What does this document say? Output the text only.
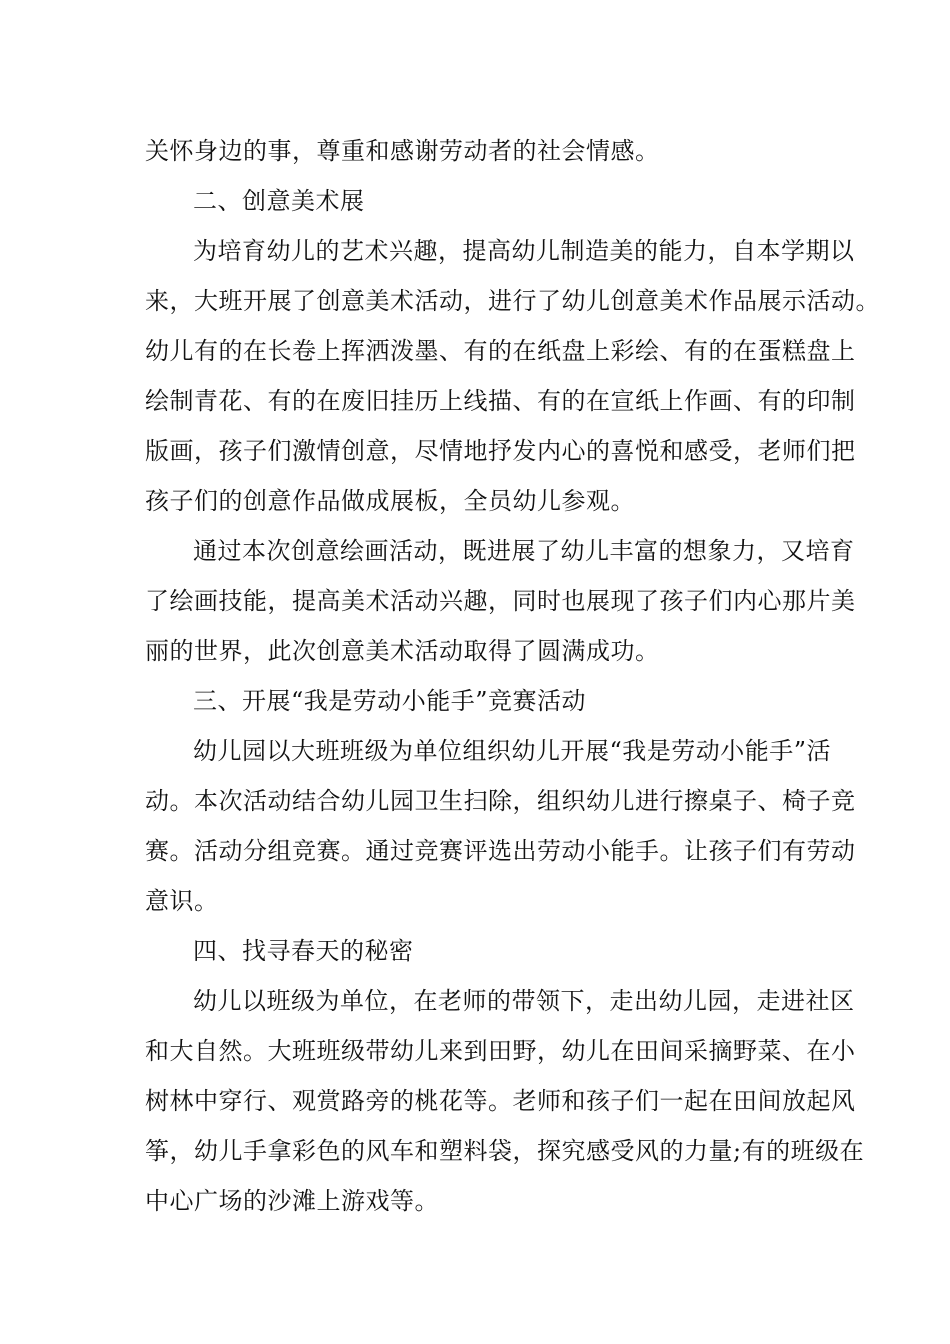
关怀身边的事，尊重和感谢劳动者的社会情感。
二、创意美术展
为培育幼儿的艺术兴趣，提高幼儿制造美的能力，自本学期以
来，大班开展了创意美术活动，进行了幼儿创意美术作品展示活动。
幼儿有的在长卷上挥洒泼墨、有的在纸盘上彩绘、有的在蛋糕盘上
绘制青花、有的在废旧挂历上线描、有的在宣纸上作画、有的印制
版画，孩子们激情创意，尽情地抒发内心的喜悦和感受，老师们把
孩子们的创意作品做成展板，全员幼儿参观。
通过本次创意绘画活动，既进展了幼儿丰富的想象力，又培育
了绘画技能，提高美术活动兴趣，同时也展现了孩子们内心那片美
丽的世界，此次创意美术活动取得了圆满成功。
三、开展“我是劳动小能手”竞赛活动
幼儿园以大班班级为单位组织幼儿开展“我是劳动小能手”活
动。本次活动结合幼儿园卫生扫除，组织幼儿进行擦桌子、椅子竞
赛。活动分组竞赛。通过竞赛评选出劳动小能手。让孩子们有劳动
意识。
四、找寻春天的秘密
幼儿以班级为单位，在老师的带领下，走出幼儿园，走进社区
和大自然。大班班级带幼儿来到田野，幼儿在田间采摘野菜、在小
树林中穿行、观赏路旁的桃花等。老师和孩子们一起在田间放起风
筝，幼儿手拿彩色的风车和塑料袋，探究感受风的力量;有的班级在
中心广场的沙滩上游戏等。
